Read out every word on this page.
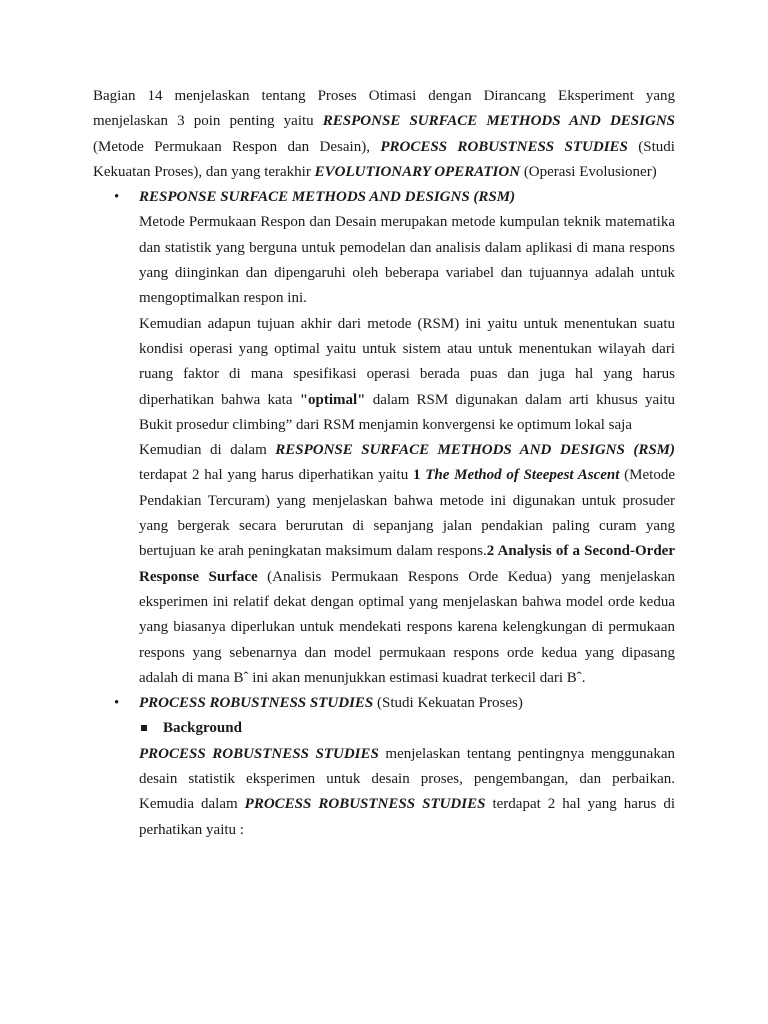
Bagian 14 menjelaskan tentang Proses Otimasi dengan Dirancang Eksperiment yang menjelaskan 3 poin penting yaitu RESPONSE SURFACE METHODS AND DESIGNS (Metode Permukaan Respon dan Desain), PROCESS ROBUSTNESS STUDIES (Studi Kekuatan Proses), dan yang terakhir EVOLUTIONARY OPERATION (Operasi Evolusioner)

• RESPONSE SURFACE METHODS AND DESIGNS (RSM)

Metode Permukaan Respon dan Desain merupakan metode kumpulan teknik matematika dan statistik yang berguna untuk pemodelan dan analisis dalam aplikasi di mana respons yang diinginkan dan dipengaruhi oleh beberapa variabel dan tujuannya adalah untuk mengoptimalkan respon ini.

Kemudian adapun tujuan akhir dari metode (RSM) ini yaitu untuk menentukan suatu kondisi operasi yang optimal yaitu untuk sistem atau untuk menentukan wilayah dari ruang faktor di mana spesifikasi operasi berada puas dan juga hal yang harus diperhatikan bahwa kata "optimal" dalam RSM digunakan dalam arti khusus yaitu Bukit prosedur climbing” dari RSM menjamin konvergensi ke optimum lokal saja

Kemudian di dalam RESPONSE SURFACE METHODS AND DESIGNS (RSM) terdapat 2 hal yang harus diperhatikan yaitu 1 The Method of Steepest Ascent (Metode Pendakian Tercuram) yang menjelaskan bahwa metode ini digunakan untuk prosuder yang bergerak secara berurutan di sepanjang jalan pendakian paling curam yang bertujuan ke arah peningkatan maksimum dalam respons.2 Analysis of a Second-Order Response Surface (Analisis Permukaan Respons Orde Kedua) yang menjelaskan eksperimen ini relatif dekat dengan optimal yang menjelaskan bahwa model orde kedua yang biasanya diperlukan untuk mendekati respons karena kelengkungan di permukaan respons yang sebenarnya dan model permukaan respons orde kedua yang dipasang adalah di mana Bˆ ini akan menunjukkan estimasi kuadrat terkecil dari Bˆ.

• PROCESS ROBUSTNESS STUDIES (Studi Kekuatan Proses)
Background

PROCESS ROBUSTNESS STUDIES menjelaskan tentang pentingnya menggunakan desain statistik eksperimen untuk desain proses, pengembangan, dan perbaikan. Kemudia dalam PROCESS ROBUSTNESS STUDIES terdapat 2 hal yang harus di perhatikan yaitu :
